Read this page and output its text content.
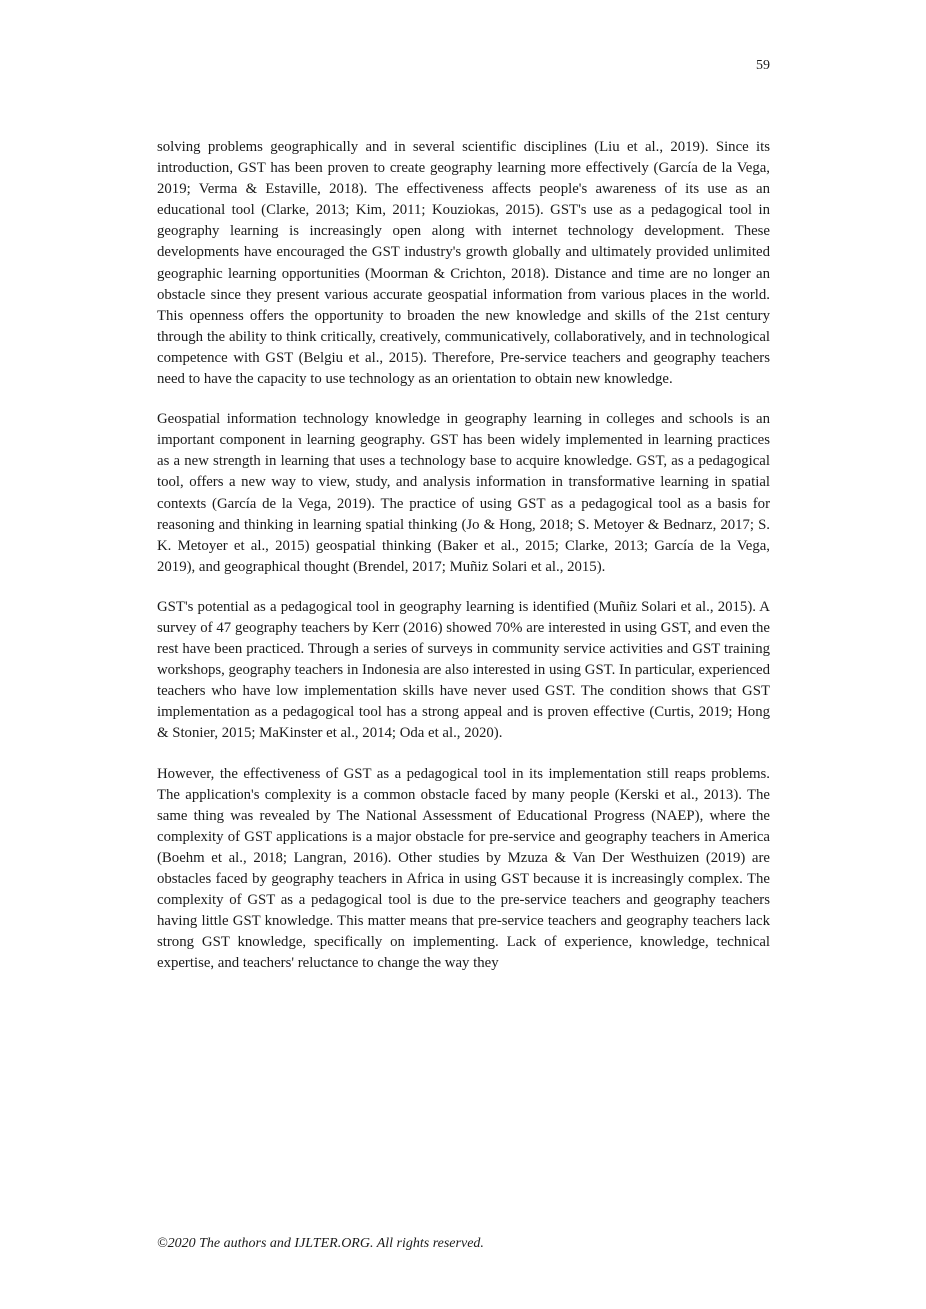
59

solving problems geographically and in several scientific disciplines (Liu et al., 2019). Since its introduction, GST has been proven to create geography learning more effectively (García de la Vega, 2019; Verma & Estaville, 2018). The effectiveness affects people's awareness of its use as an educational tool (Clarke, 2013; Kim, 2011; Kouziokas, 2015). GST's use as a pedagogical tool in geography learning is increasingly open along with internet technology development. These developments have encouraged the GST industry's growth globally and ultimately provided unlimited geographic learning opportunities (Moorman & Crichton, 2018). Distance and time are no longer an obstacle since they present various accurate geospatial information from various places in the world. This openness offers the opportunity to broaden the new knowledge and skills of the 21st century through the ability to think critically, creatively, communicatively, collaboratively, and in technological competence with GST (Belgiu et al., 2015). Therefore, Pre-service teachers and geography teachers need to have the capacity to use technology as an orientation to obtain new knowledge.

Geospatial information technology knowledge in geography learning in colleges and schools is an important component in learning geography. GST has been widely implemented in learning practices as a new strength in learning that uses a technology base to acquire knowledge. GST, as a pedagogical tool, offers a new way to view, study, and analysis information in transformative learning in spatial contexts (García de la Vega, 2019). The practice of using GST as a pedagogical tool as a basis for reasoning and thinking in learning spatial thinking (Jo & Hong, 2018; S. Metoyer & Bednarz, 2017; S. K. Metoyer et al., 2015) geospatial thinking (Baker et al., 2015; Clarke, 2013; García de la Vega, 2019), and geographical thought (Brendel, 2017; Muñiz Solari et al., 2015).

GST's potential as a pedagogical tool in geography learning is identified (Muñiz Solari et al., 2015). A survey of 47 geography teachers by Kerr (2016) showed 70% are interested in using GST, and even the rest have been practiced. Through a series of surveys in community service activities and GST training workshops, geography teachers in Indonesia are also interested in using GST. In particular, experienced teachers who have low implementation skills have never used GST. The condition shows that GST implementation as a pedagogical tool has a strong appeal and is proven effective (Curtis, 2019; Hong & Stonier, 2015; MaKinster et al., 2014; Oda et al., 2020).

However, the effectiveness of GST as a pedagogical tool in its implementation still reaps problems. The application's complexity is a common obstacle faced by many people (Kerski et al., 2013). The same thing was revealed by The National Assessment of Educational Progress (NAEP), where the complexity of GST applications is a major obstacle for pre-service and geography teachers in America (Boehm et al., 2018; Langran, 2016). Other studies by Mzuza & Van Der Westhuizen (2019) are obstacles faced by geography teachers in Africa in using GST because it is increasingly complex. The complexity of GST as a pedagogical tool is due to the pre-service teachers and geography teachers having little GST knowledge. This matter means that pre-service teachers and geography teachers lack strong GST knowledge, specifically on implementing. Lack of experience, knowledge, technical expertise, and teachers' reluctance to change the way they

©2020 The authors and IJLTER.ORG. All rights reserved.
